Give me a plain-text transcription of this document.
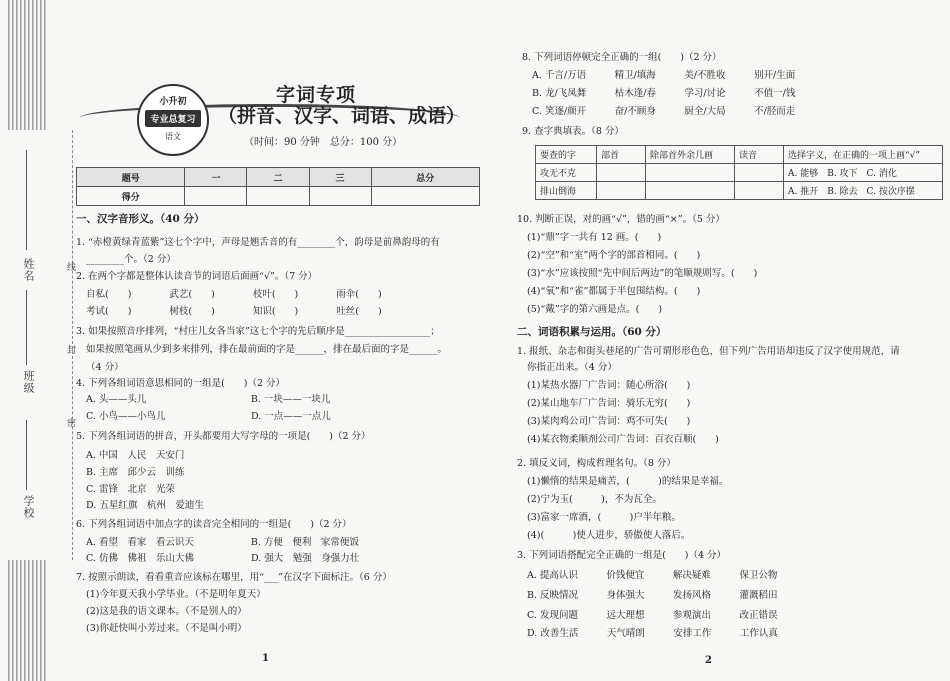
姓名
班级
学校
线
封
密
小升初
专业总复习
语文
字词专项
（拼音、汉字、词语、成语）
（时间：90 分钟　总分：100 分）
题号	一	二	三	总分
得分				
一、汉字音形义。（40 分）
1. “赤橙黄绿青蓝紫”这七个字中，声母是翘舌音的有________个，韵母是前鼻韵母的有
________个。（2 分）
2. 在两个字都是整体认读音节的词语后面画“√”。（7 分）
自私(　　)　　　　武艺(　　)　　　　枝叶(　　)　　　　雨伞(　　)
考试(　　)　　　　树枝(　　)　　　　知识(　　)　　　　吐丝(　　)
3. 如果按照音序排列，“村庄儿女各当家”这七个字的先后顺序是__________________；
如果按照笔画从少到多来排列，排在最前面的字是______，排在最后面的字是______。
（4 分）
4. 下列各组词语意思相同的一组是(　　)（2 分）
A. 头——头儿　　　　　　　　　　　B. 一块——一块儿
C. 小鸟——小鸟儿　　　　　　　　　D. 一点——一点儿
5. 下列各组词语的拼音，开头都要用大写字母的一项是(　　)（2 分）
A. 中国　人民　天安门
B. 主席　邱少云　训练
C. 雷锋　北京　光荣
D. 五星红旗　杭州　爱迪生
6. 下列各组词语中加点字的读音完全相同的一组是(　　)（2 分）
A. 看望　看家　看云识天　　　　　　B. 方便　便利　家常便饭
C. 仿佛　佛祖　乐山大佛　　　　　　D. 强大　勉强　身强力壮
7. 按照示朗读，看看重音应该标在哪里，用“___”在汉字下面标注。（6 分）
(1)今年夏天我小学毕业。（不是明年夏天）
(2)这是我的语文课本。（不是别人的）
(3)你赶快叫小芳过来。（不是叫小明）
1
8. 下列词语停顿完全正确的一组(　　)（2 分）
A. 千言/万语　　　精卫/填海　　　美/不胜收　　　别开/生面
B. 龙/飞凤舞　　　枯木逢/春　　　学习/讨论　　　不值一/钱
C. 笑逐/颜开　　　奋/不顾身　　　厨全/大局　　　不/胫而走
9. 查字典填表。（8 分）
10. 判断正误，对的画“√”，错的画“×”。（5 分）
(1)“鼎”字一共有 12 画。(　　)
(2)“空”和“室”两个字的部首相同。(　　)
(3)“水”应该按照“先中间后两边”的笔顺规则写。(　　)
(4)“氧”和“雀”都属于半包围结构。(　　)
(5)“戴”字的第六画是点。(　　)
二、词语积累与运用。（60 分）
1. 报纸、杂志和街头巷尾的广告可谓形形色色，但下列广告用语却违反了汉字使用规范，请
你指正出来。（4 分）
(1)某热水器厂广告词：随心所浴(　　)
(2)某山地车厂广告词：骑乐无穷(　　)
(3)某肉鸡公司广告词：鸡不可失(　　)
(4)某衣物柔顺剂公司广告词：百衣百顺(　　)
2. 填反义词，构成哲理名句。（8 分）
(1)懒惰的结果是痛苦，(　　　)的结果是幸福。
(2)宁为玉(　　　)，不为瓦全。
(3)富家一席酒，(　　　)户半年粮。
(4)(　　　)使人进步，骄傲使人落后。
3. 下列词语搭配完全正确的一组是(　　)（4 分）
A. 提高认识　　　价钱便宜　　　解决疑难　　　保卫公物
B. 反映情况　　　身体强大　　　发扬风格　　　灌溉稻田
C. 发现问题　　　远大理想　　　参观演出　　　改正错误
D. 改善生活　　　天气晴朗　　　安排工作　　　工作认真
2
要查的字	部首	除部首外余几画	读音	选择字义，在正确的一项上画“√”
攻无不克				A. 能够　B. 攻下　C. 消化
排山倒海				A. 推开　B. 除去　C. 按次序摆
